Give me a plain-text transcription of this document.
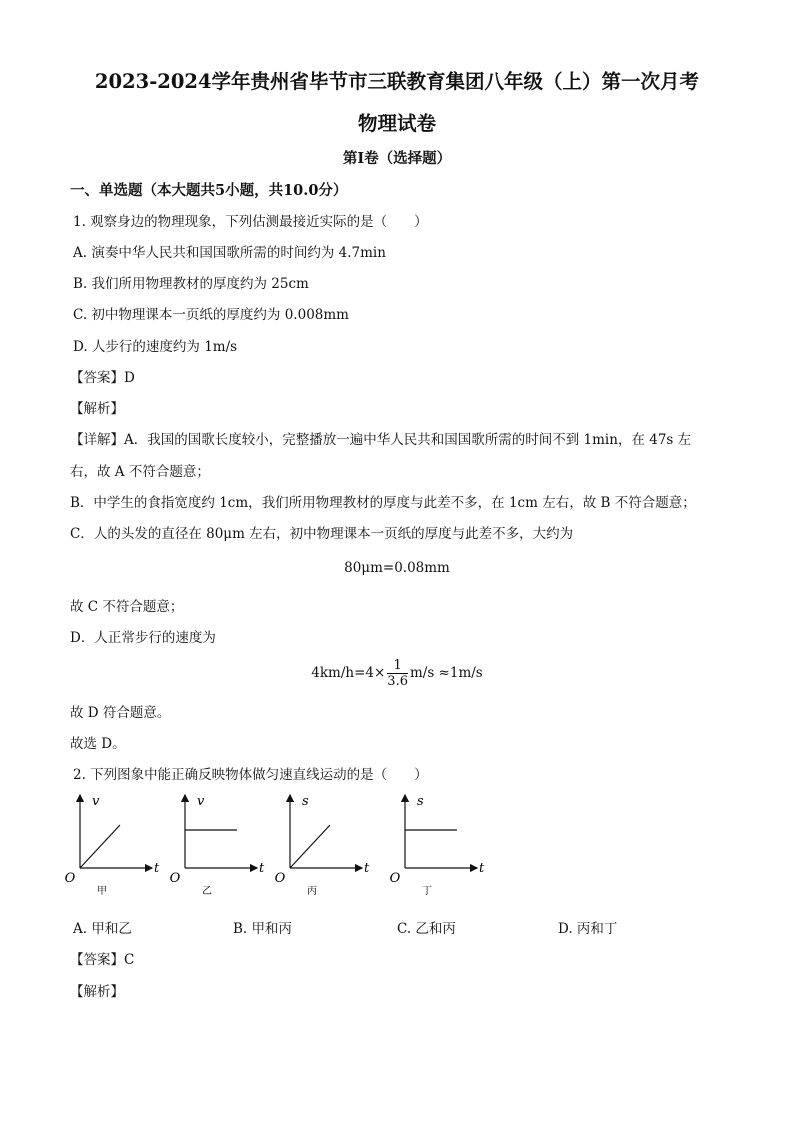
2023-2024学年贵州省毕节市三联教育集团八年级（上）第一次月考
物理试卷
第Ⅰ卷（选择题）
一、单选题（本大题共5小题，共10.0分）
1. 观察身边的物理现象，下列估测最接近实际的是（　　）
A. 演奏中华人民共和国国歌所需的时间约为 4.7min
B. 我们所用物理教材的厚度约为 25cm
C. 初中物理课本一页纸的厚度约为 0.008mm
D. 人步行的速度约为 1m/s
【答案】D
【解析】
【详解】A．我国的国歌长度较小，完整播放一遍中华人民共和国国歌所需的时间不到 1min，在 47s 左
右，故 A 不符合题意；
B．中学生的食指宽度约 1cm，我们所用物理教材的厚度与此差不多，在 1cm 左右，故 B 不符合题意；
C．人的头发的直径在 80μm 左右，初中物理课本一页纸的厚度与此差不多，大约为
80μm=0.08mm
故 C 不符合题意；
D．人正常步行的速度为
$4km/h=4\times \frac{1}{3.6} m/s \approx 1m/s$
故 D 符合题意。
故选 D。
2. 下列图象中能正确反映物体做匀速直线运动的是（　　）
v
t
O
甲
v
t
O
乙
s
t
O
丙
s
t
O
丁
A. 甲和乙	B. 甲和丙	C. 乙和丙	D. 丙和丁
【答案】C
【解析】
